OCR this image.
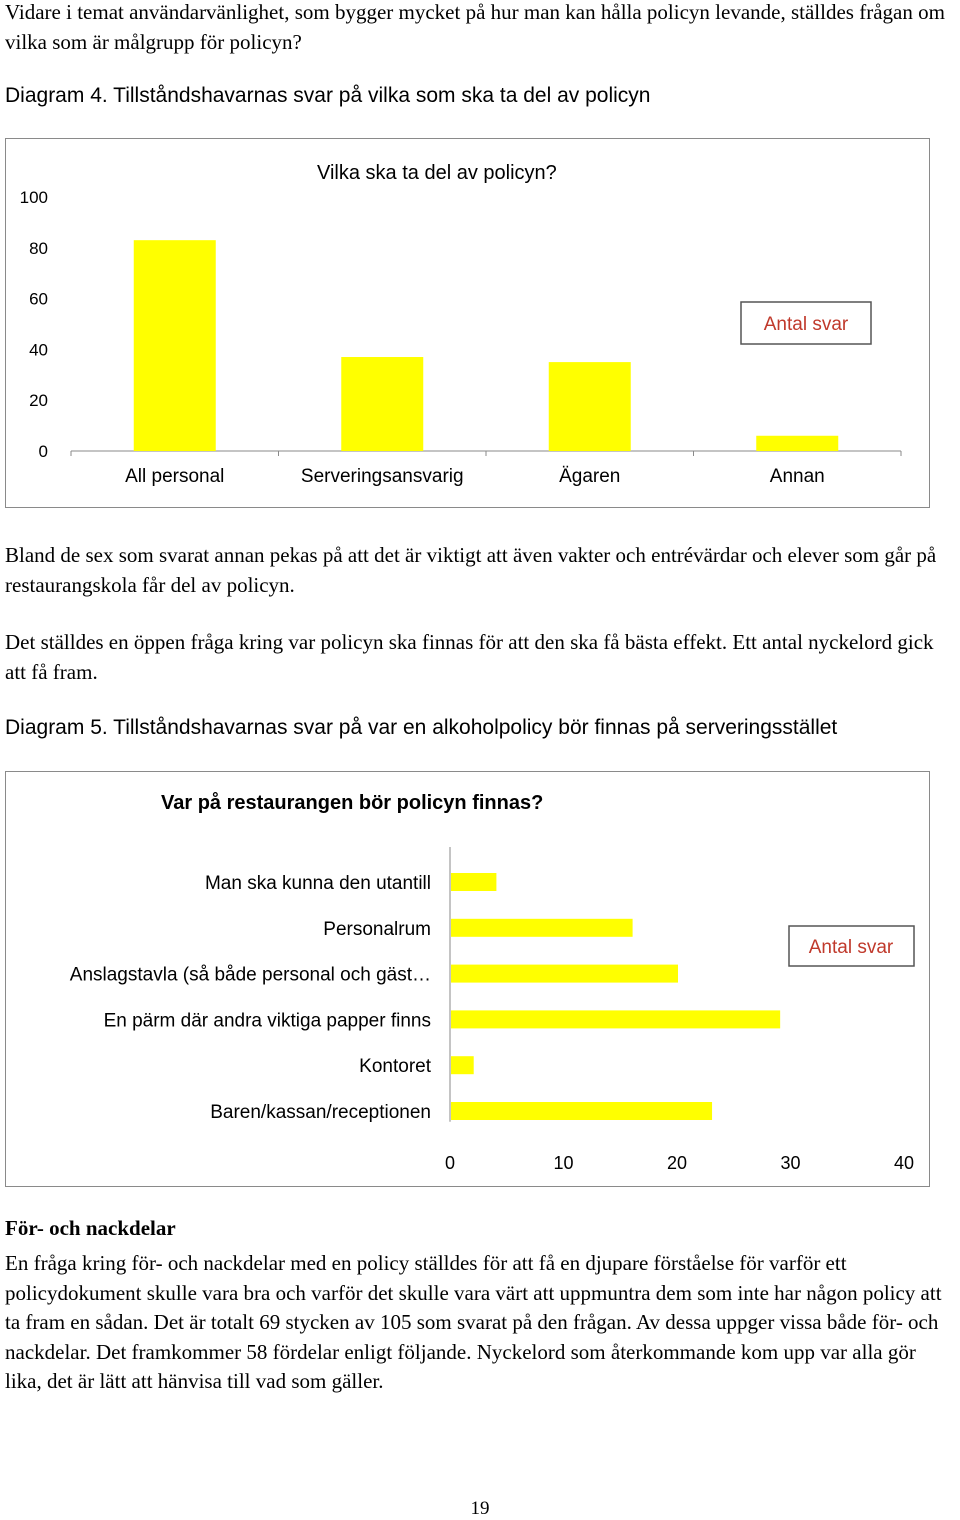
Vidare i temat användarvänlighet, som bygger mycket på hur man kan hålla policyn levande, ställdes frågan om vilka som är målgrupp för policyn?

Diagram 4. Tillståndshavarnas svar på vilka som ska ta del av policyn

Vilka ska ta del av policyn?
0
20
40
60
80
100
All personal	Serveringsansvarig	Ägaren	Annan
Antal svar

Bland de sex som svarat annan pekas på att det är viktigt att även vakter och entrévärdar och elever som går på restaurangskola får del av policyn.

Det ställdes en öppen fråga kring var policyn ska finnas för att den ska få bästa effekt. Ett antal nyckelord gick att få fram.

Diagram 5. Tillståndshavarnas svar på var en alkoholpolicy bör finnas på serveringsstället

Var på restaurangen bör policyn finnas?
Man ska kunna den utantill
Personalrum
Anslagstavla (så både personal och gäst…
En pärm där andra viktiga papper finns
Kontoret
Baren/kassan/receptionen
0	10	20	30	40
Antal svar

För- och nackdelar

En fråga kring för- och nackdelar med en policy ställdes för att få en djupare förståelse för varför ett policydokument skulle vara bra och varför det skulle vara värt att uppmuntra dem som inte har någon policy att ta fram en sådan. Det är totalt 69 stycken av 105 som svarat på den frågan. Av dessa uppger vissa både för- och nackdelar. Det framkommer 58 fördelar enligt följande. Nyckelord som återkommande kom upp var alla gör lika, det är lätt att hänvisa till vad som gäller.

19
